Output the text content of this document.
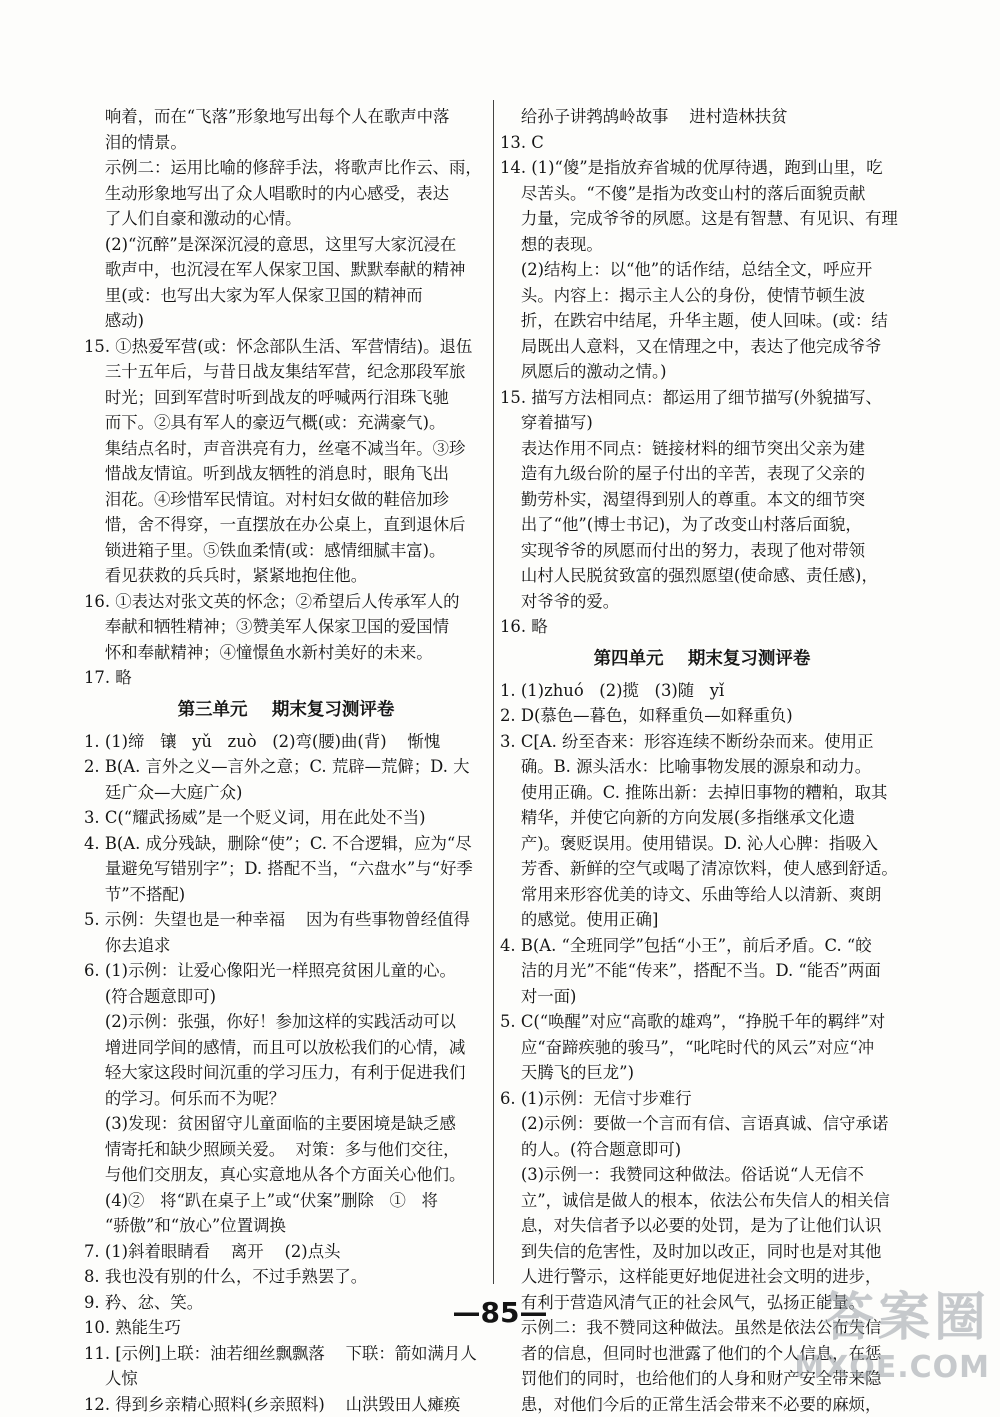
响着，而在“飞落”形象地写出每个人在歌声中落
泪的情景。
示例二：运用比喻的修辞手法，将歌声比作云、雨，
生动形象地写出了众人唱歌时的内心感受，表达
了人们自豪和激动的心情。
(2)“沉醉”是深深沉浸的意思，这里写大家沉浸在
歌声中，也沉浸在军人保家卫国、默默奉献的精神
里(或：也写出大家为军人保家卫国的精神而
感动)
15. ①热爱军营(或：怀念部队生活、军营情结)。退伍
三十五年后，与昔日战友集结军营，纪念那段军旅
时光；回到军营时听到战友的呼喊两行泪珠飞驰
而下。②具有军人的豪迈气概(或：充满豪气)。
集结点名时，声音洪亮有力，丝毫不减当年。③珍
惜战友情谊。听到战友牺牲的消息时，眼角飞出
泪花。④珍惜军民情谊。对村妇女做的鞋倍加珍
惜，舍不得穿，一直摆放在办公桌上，直到退休后
锁进箱子里。⑤铁血柔情(或：感情细腻丰富)。
看见获救的兵兵时，紧紧地抱住他。
16. ①表达对张文英的怀念；②希望后人传承军人的
奉献和牺牲精神；③赞美军人保家卫国的爱国情
怀和奉献精神；④憧憬鱼水新村美好的未来。
17. 略
第三单元    期末复习测评卷
1. (1)缔   镶   yǔ   zuò   (2)弯(腰)曲(背)    惭愧
2. B(A. 言外之义—言外之意；C. 荒辟—荒僻；D. 大
廷广众—大庭广众)
3. C(“耀武扬威”是一个贬义词，用在此处不当)
4. B(A. 成分残缺，删除“使”；C. 不合逻辑，应为“尽
量避免写错别字”；D. 搭配不当，“六盘水”与“好季
节”不搭配)
5. 示例：失望也是一种幸福    因为有些事物曾经值得
你去追求
6. (1)示例：让爱心像阳光一样照亮贫困儿童的心。
(符合题意即可)
(2)示例：张强，你好！参加这样的实践活动可以
增进同学间的感情，而且可以放松我们的心情，减
轻大家这段时间沉重的学习压力，有利于促进我们
的学习。何乐而不为呢？
(3)发现：贫困留守儿童面临的主要困境是缺乏感
情寄托和缺少照顾关爱。  对策：多与他们交往，
与他们交朋友，真心实意地从各个方面关心他们。
(4)②   将“趴在桌子上”或“伏案”删除   ①   将
“骄傲”和“放心”位置调换
7. (1)斜着眼睛看    离开    (2)点头
8. 我也没有别的什么，不过手熟罢了。
9. 矜、忿、笑。
10. 熟能生巧
11. [示例]上联：油若细丝飘飘落    下联：箭如满月人
人惊
12. 得到乡亲精心照料(乡亲照料)    山洪毁田人瘫痪
给孙子讲鹁鸪岭故事    进村造林扶贫
13. C
14. (1)“傻”是指放弃省城的优厚待遇，跑到山里，吃
尽苦头。“不傻”是指为改变山村的落后面貌贡献
力量，完成爷爷的夙愿。这是有智慧、有见识、有理
想的表现。
(2)结构上：以“他”的话作结，总结全文，呼应开
头。内容上：揭示主人公的身份，使情节顿生波
折，在跌宕中结尾，升华主题，使人回味。(或：结
局既出人意料，又在情理之中，表达了他完成爷爷
夙愿后的激动之情。)
15. 描写方法相同点：都运用了细节描写(外貌描写、
穿着描写)
表达作用不同点：链接材料的细节突出父亲为建
造有九级台阶的屋子付出的辛苦，表现了父亲的
勤劳朴实，渴望得到别人的尊重。本文的细节突
出了“他”(博士书记)，为了改变山村落后面貌，
实现爷爷的夙愿而付出的努力，表现了他对带领
山村人民脱贫致富的强烈愿望(使命感、责任感)，
对爷爷的爱。
16. 略
第四单元    期末复习测评卷
1. (1)zhuó   (2)揽   (3)随   yǐ
2. D(慕色—暮色，如释重负—如释重负)
3. C[A. 纷至杳来：形容连续不断纷杂而来。使用正
确。B. 源头活水：比喻事物发展的源泉和动力。
使用正确。C. 推陈出新：去掉旧事物的糟粕，取其
精华，并使它向新的方向发展(多指继承文化遗
产)。褒贬误用。使用错误。D. 沁人心脾：指吸入
芳香、新鲜的空气或喝了清凉饮料，使人感到舒适。
常用来形容优美的诗文、乐曲等给人以清新、爽朗
的感觉。使用正确]
4. B(A. “全班同学”包括“小王”，前后矛盾。C. “皎
洁的月光”不能“传来”，搭配不当。D. “能否”两面
对一面)
5. C(“唤醒”对应“高歌的雄鸡”，“挣脱千年的羁绊”对
应“奋蹄疾驰的骏马”，“叱咤时代的风云”对应“冲
天腾飞的巨龙”)
6. (1)示例：无信寸步难行
(2)示例：要做一个言而有信、言语真诚、信守承诺
的人。(符合题意即可)
(3)示例一：我赞同这种做法。俗话说“人无信不
立”，诚信是做人的根本，依法公布失信人的相关信
息，对失信者予以必要的处罚，是为了让他们认识
到失信的危害性，及时加以改正，同时也是对其他
人进行警示，这样能更好地促进社会文明的进步，
有利于营造风清气正的社会风气，弘扬正能量。
示例二：我不赞同这种做法。虽然是依法公布失信
者的信息，但同时也泄露了他们的个人信息，在惩
罚他们的同时，也给他们的人身和财产安全带来隐
患，对他们今后的正常生活会带来不必要的麻烦，
—85—	答案圈
MXQE.COM
